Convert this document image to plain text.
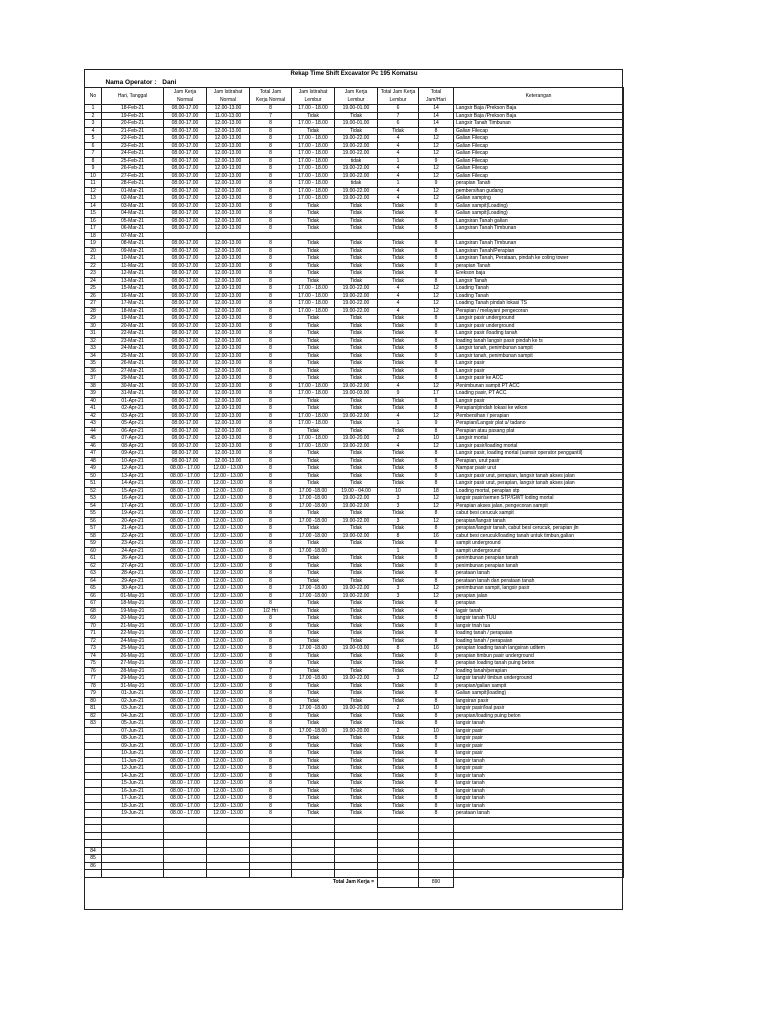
Rekap Time Shift Excavator Pc 195 Komatsu									
Nama Operator : Dani									
No	Hari, Tanggal	Jam Kerja	Jam Istirahat	Total Jam	Jam Istirahat	Jam Kerja	Total Jam Kerja	Total	Keterangan
		Normal	Normal	Kerja Normal	Lembur	Lembur	Lembur	Jam/Hari	
1	18-Feb-21	08.00-17.00	12.00-13.00	8	17.00 - 18.00	19.00-01.00	6	14	Langsir Baja /Prekson Baja
2	19-Feb-21	08.00-17.00	11.00-13.00	7	Tidak	Tidak	7	14	Langsir Baja /Prekson Baja
3	20-Feb-21	08.00-17.00	12.00-13.00	8	17.00 - 18.00	19.00-01.00	6	14	Langsir Tanah Timbunan
4	21-Feb-21	08.00-17.00	12.00-13.00	8	Tidak	Tidak	Tidak	8	Galian Filecap
5	22-Feb-21	08.00-17.00	12.00-13.00	8	17.00 - 18.00	19.00-22.00	4	12	Galian Filecap
6	23-Feb-21	08.00-17.00	12.00-13.00	8	17.00 - 18.00	19.00-22.00	4	12	Galian Filecap
7	24-Feb-21	08.00-17.00	12.00-13.00	8	17.00 - 18.00	19.00-22.00	4	12	Galian Filecap
8	25-Feb-21	08.00-17.00	12.00-13.00	8	17.00 - 18.00	tidak	1	9	Galian Filecap
9	26-Feb-21	08.00-17.00	12.00-13.00	8	17.00 - 18.00	19.00-22.00	4	12	Galian Filecap
10	27-Feb-21	08.00-17.00	12.00-13.00	8	17.00 - 18.00	19.00-22.00	4	12	Galian Filecap
11	28-Feb-21	08.00-17.00	12.00-13.00	8	17.00 - 18.00	tidak	1	9	perapian Tanah
12	01-Mar-21	08.00-17.00	12.00-13.00	8	17.00 - 18.00	19.00-22.00	4	12	pembersihan gudang
13	02-Mar-21	08.00-17.00	12.00-13.00	8	17.00 - 18.00	19.00-22.00	4	12	Galian samping
14	03-Mar-21	08.00-17.00	12.00-13.00	8	Tidak	Tidak	Tidak	8	Galian sampit(Loading)
15	04-Mar-21	08.00-17.00	12.00-13.00	8	Tidak	Tidak	Tidak	8	Galian sampit(Loading)
16	05-Mar-21	08.00-17.00	12.00-13.00	8	Tidak	Tidak	Tidak	8	Langsiran Tanah galian
17	06-Mar-21	08.00-17.00	12.00-13.00	8	Tidak	Tidak	Tidak	8	Langsiran Tanah Timbunan
18	07-Mar-21								
19	08-Mar-21	08.00-17.00	12.00-13.00	8	Tidak	Tidak	Tidak	8	Langsiran Tanah Timbunan
20	09-Mar-21	08.00-17.00	12.00-13.00	8	Tidak	Tidak	Tidak	8	Langsiran Tanah/Perapian
21	10-Mar-21	08.00-17.00	12.00-13.00	8	Tidak	Tidak	Tidak	8	Langsiran Tanah, Perataan, pindah ke coling tower
22	11-Mar-21	08.00-17.00	12.00-13.00	8	Tidak	Tidak	Tidak	8	perapian Tanah
23	12-Mar-21	08.00-17.00	12.00-13.00	8	Tidak	Tidak	Tidak	8	Erekson baja
24	13-Mar-21	08.00-17.00	12.00-13.00	8	Tidak	Tidak	Tidak	8	Langsir Tanah
25	15-Mar-21	08.00-17.00	12.00-13.00	8	17.00 - 18.00	19.00-22.00	4	12	Loading Tanah
26	16-Mar-21	08.00-17.00	12.00-13.00	8	17.00 - 18.00	19.00-22.00	4	12	Loading Tanah
27	17-Mar-21	08.00-17.00	12.00-13.00	8	17.00 - 18.00	19.00-22.00	4	12	Loading Tanah pindah lokasi TS
28	18-Mar-21	08.00-17.00	12.00-13.00	8	17.00 - 18.00	19.00-22.00	4	12	Perapian / melayani pengecoran
29	19-Mar-21	08.00-17.00	12.00-13.00	8	Tidak	Tidak	Tidak	8	Langsir pasir underground
30	20-Mar-21	08.00-17.00	12.00-13.00	8	Tidak	Tidak	Tidak	8	Langsir pasir underground
31	22-Mar-21	08.00-17.00	12.00-13.00	8	Tidak	Tidak	Tidak	8	Langsir pasir /loading tanah
32	23-Mar-21	08.00-17.00	12.00-13.00	8	Tidak	Tidak	Tidak	8	loading tanah langsir pasir pindah ke ts
33	24-Mar-21	08.00-17.00	12.00-13.00	8	Tidak	Tidak	Tidak	8	Langsir tanah, penimbunan sampit
34	25-Mar-21	08.00-17.00	12.00-13.00	8	Tidak	Tidak	Tidak	8	Langsir tanah, penimbunan sampit
35	26-Mar-21	08.00-17.00	12.00-13.00	8	Tidak	Tidak	Tidak	8	Langsir pasir
36	27-Mar-21	08.00-17.00	12.00-13.00	8	Tidak	Tidak	Tidak	8	Langsir pasir
37	29-Mar-21	08.00-17.00	12.00-13.00	8	Tidak	Tidak	Tidak	8	Langsir pasir ke ACC
38	30-Mar-21	08.00-17.00	12.00-13.00	8	17.00 - 18.00	19.00-22.00	4	12	Penimbunan sampit PT ACC
39	31-Mar-21	08.00-17.00	12.00-13.00	8	17.00 - 18.00	19.00-03.00	9	17	Loading pasir, PT ACC
40	01-Apr-21	08.00-17.00	12.00-13.00	8	Tidak	Tidak	Tidak	8	Langsir pasir
41	02-Apr-21	08.00-17.00	12.00-13.00	8	Tidak	Tidak	Tidak	8	Perapian/pindah lokasi ke wikon
42	03-Apr-21	08.00-17.00	12.00-13.00	8	17.00 - 18.00	19.00-22.00	4	12	Pembersihan / perapian
43	05-Apr-21	08.00-17.00	12.00-13.00	8	17.00 - 18.00	Tidak	1	9	Perapian/Langsir plat u/ tadano
44	06-Apr-21	08.00-17.00	12.00-13.00	8	Tidak	Tidak	Tidak	8	Perapian atau pasang plat
45	07-Apr-21	08.00-17.00	12.00-13.00	8	17.00 - 18.00	19.00-20.00	2	10	Langsir mortal
46	08-Apr-21	08.00-17.00	12.00-13.00	8	17.00 - 18.00	19.00-22.00	4	12	Langsir pasir/loading mortal
47	09-Apr-21	08.00-17.00	12.00-13.00	8	Tidak	Tidak	Tidak	8	Langsir pasir, loading mortal (samsir operator penggantil)
48	10-Apr-21	08.00-17.00	12.00-13.00	8	Tidak	Tidak	Tidak	8	Perapian, urut pasir
49	12-Apr-21	08.00 - 17.00	12.00 - 13.00	8	Tidak	Tidak	Tidak	8	Nampar pasir urut
50	13-Apr-21	08.00 - 17.00	12.00 - 13.00	8	Tidak	Tidak	Tidak	8	Langsir pasir urut, perapian, langsir tanah akses jalan
51	14-Apr-21	08.00 - 17.00	12.00 - 13.00	8	Tidak	Tidak	Tidak	8	Langsir pasir urut, perapian, langsir tanah akses jalan
52	15-Apr-21	08.00 - 17.00	12.00 - 13.00	8	17.00 -18.00	19.00 - 04.00	10	18	Loading mortal, perapian stp
53	16-Apr-21	08.00 - 17.00	12.00 - 13.00	8	17.00 -18.00	19.00-22.00	3	12	langsir pasir/semen STP/GWT loding mortal
54	17-Apr-21	08.00 - 17.00	12.00 - 13.00	8	17.00 -18.00	19.00-22.00	3	12	Perapian akses jalan, pengecoran sampit
55	19-Apr-21	08.00 - 17.00	12.00 - 13.00	8	Tidak	Tidak	Tidak	8	cabut besi cerucuk sampit
56	20-Apr-21	08.00 - 17.00	12.00 - 13.00	8	17.00 -18.00	19.00-22.00	3	12	perapian/langsir tanah
57	21-Apr-21	08.00 - 17.00	12.00 - 13.00	8	Tidak	Tidak	Tidak	8	perapian/langsir tanah, cabut besi cerucuk, perapian jln
58	22-Apr-21	08.00 - 17.00	12.00 - 13.00	8	17.00 -18.00	19.00-02.00	8	16	cabut besi cerucuk/loading tanah untuk timbun,galian
59	23-Apr-21	08.00 - 17.00	12.00 - 13.00	8	Tidak	Tidak	Tidak	8	sampit underground
60	24-Apr-21	08.00 - 17.00	12.00 - 13.00	8	17.00 -18.00		1	9	sampit underground
61	26-Apr-21	08.00 - 17.00	12.00 - 13.00	8	Tidak	Tidak	Tidak	8	penimbunan perapian tanah
62	27-Apr-21	08.00 - 17.00	12.00 - 13.00	8	Tidak	Tidak	Tidak	8	penimbunan perapian tanah
63	28-Apr-21	08.00 - 17.00	12.00 - 13.00	8	Tidak	Tidak	Tidak	8	perataan tanah
64	29-Apr-21	08.00 - 17.00	12.00 - 13.00	8	Tidak	Tidak	Tidak	8	perataan tanah dan perataan tanah
65	30-Apr-21	08.00 - 17.00	12.00 - 13.00	8	17.00 -18.00	19.00-22.00	3	12	penimbunan sampit, langsir pasir
66	01-May-21	08.00 - 17.00	12.00 - 13.00	8	17.00 -18.00	19.00-22.00	3	12	perapian jalan
67	18-May-21	08.00 - 17.00	12.00 - 13.00	8	Tidak	Tidak	Tidak	8	perapian
68	19-May-21	08.00 - 17.00	12.00 - 13.00	1/2 Hri	Tidak	Tidak	Tidak	4	lagsir tanah
69	20-May-21	08.00 - 17.00	12.00 - 13.00	8	Tidak	Tidak	Tidak	8	langsir tanah TUU
70	21-May-21	08.00 - 17.00	12.00 - 13.00	8	Tidak	Tidak	Tidak	8	langsir tnah tua
71	22-May-21	08.00 - 17.00	12.00 - 13.00	8	Tidak	Tidak	Tidak	8	loading tanah / perapaian
72	24-May-21	08.00 - 17.00	12.00 - 13.00	8	Tidak	Tidak	Tidak	8	loading tanah / perapaian
73	25-May-21	08.00 - 17.00	12.00 - 13.00	8	17.00 -18.00	19.00-03.00	8	16	perapian loading tanah langsiran uditem
74	26-May-21	08.00 - 17.00	12.00 - 13.00	8	Tidak	Tidak	Tidak	8	perapian timbun pasir underground
75	27-May-21	08.00 - 17.00	12.00 - 13.00	8	Tidak	Tidak	Tidak	8	perapian loading tanah puing beton
76	28-May-21	08.00 - 17.00	12.00 - 13.00	7	Tidak	Tidak	Tidak	7	loading tanah/perapian
77	29-May-21	08.00 - 17.00	12.00 - 13.00	8	17.00 -18.00	19.00-22.00	3	12	langsir tanah/ timbun underground
78	31-May-21	08.00 - 17.00	12.00 - 13.00	8	Tidak	Tidak	Tidak	8	perapian/galian sampit
79	01-Jun-21	08.00 - 17.00	12.00 - 13.00	8	Tidak	Tidak	Tidak	8	Galian sampit(loading)
80	02-Jun-21	08.00 - 17.00	12.00 - 13.00	8	Tidak	Tidak	Tidak	8	langsiran pasir
81	03-Jun-21	08.00 - 17.00	12.00 - 13.00	8	17.00 -18.00	19.00-20.00	2	10	langsir pasir/loal pasir
82	04-Jun-21	08.00 - 17.00	12.00 - 13.00	8	Tidak	Tidak	Tidak	8	perapian/loading puing beton
83	05-Jun-21	08.00 - 17.00	12.00 - 13.00	8	Tidak	Tidak	Tidak	8	langsir tanah
	07-Jun-21	08.00 - 17.00	12.00 - 13.00	8	17.00 -18.00	19.00-20.00	2	10	langsir pasir
	08-Jun-21	08.00 - 17.00	12.00 - 13.00	8	Tidak	Tidak	Tidak	8	langsir pasir
	09-Jun-21	08.00 - 17.00	12.00 - 13.00	8	Tidak	Tidak	Tidak	8	langsir pasir
	10-Jun-21	08.00 - 17.00	12.00 - 13.00	8	Tidak	Tidak	Tidak	8	langsir pasir
	11-Jun-21	08.00 - 17.00	12.00 - 13.00	8	Tidak	Tidak	Tidak	8	langsir tanah
	12-Jun-21	08.00 - 17.00	12.00 - 13.00	8	Tidak	Tidak	Tidak	8	langsir pasir
	14-Jun-21	08.00 - 17.00	12.00 - 13.00	8	Tidak	Tidak	Tidak	8	langsir tanah
	15-Jun-21	08.00 - 17.00	12.00 - 13.00	8	Tidak	Tidak	Tidak	8	langsir tanah
	16-Jun-21	08.00 - 17.00	12.00 - 13.00	8	Tidak	Tidak	Tidak	8	langsir tanah
	17-Jun-21	08.00 - 17.00	12.00 - 13.00	8	Tidak	Tidak	Tidak	8	langsir tanah
	18-Jun-21	08.00 - 17.00	12.00 - 13.00	8	Tidak	Tidak	Tidak	8	langsir tanah
	19-Jun-21	08.00 - 17.00	12.00 - 13.00	8	Tidak	Tidak	Tidak	8	perataan tanah

84									
85									
86									

Total Jam Kerja =								890	
